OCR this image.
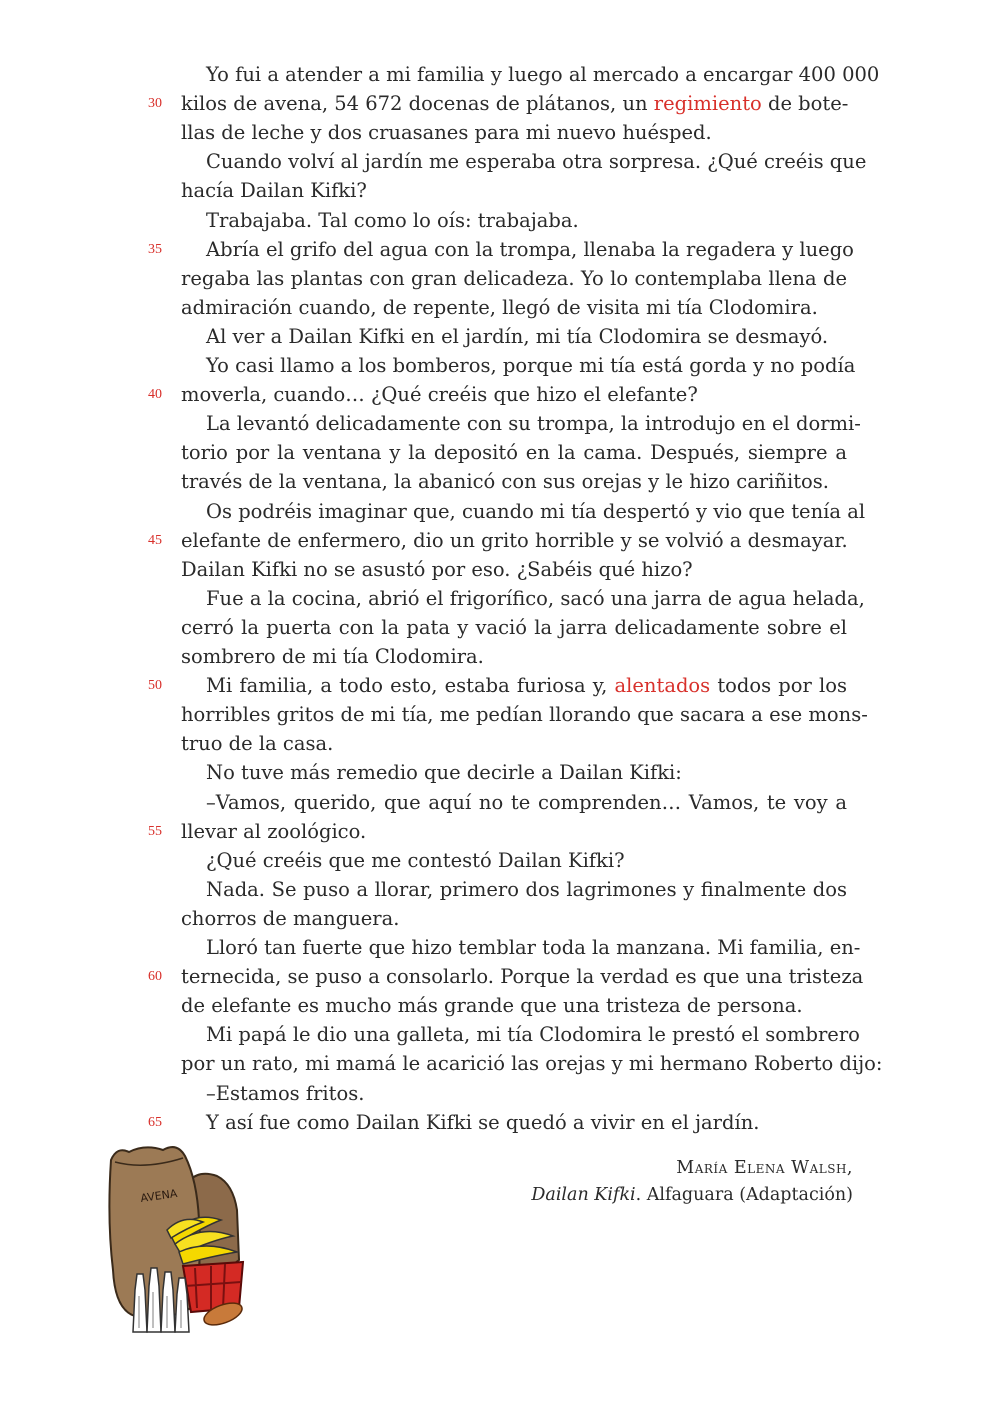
Yo fui a atender a mi familia y luego al mercado a encargar 400 000
kilos de avena, 54 672 docenas de plátanos, un regimiento de bote-
30
llas de leche y dos cruasanes para mi nuevo huésped.
Cuando volví al jardín me esperaba otra sorpresa. ¿Qué creéis que
hacía Dailan Kifki?
Trabajaba. Tal como lo oís: trabajaba.
Abría el grifo del agua con la trompa, llenaba la regadera y luego
35
regaba las plantas con gran delicadeza. Yo lo contemplaba llena de
admiración cuando, de repente, llegó de visita mi tía Clodomira.
Al ver a Dailan Kifki en el jardín, mi tía Clodomira se desmayó.
Yo casi llamo a los bomberos, porque mi tía está gorda y no podía
moverla, cuando… ¿Qué creéis que hizo el elefante?
40
La levantó delicadamente con su trompa, la introdujo en el dormi-
torio por la ventana y la depositó en la cama. Después, siempre a
través de la ventana, la abanicó con sus orejas y le hizo cariñitos.
Os podréis imaginar que, cuando mi tía despertó y vio que tenía al
elefante de enfermero, dio un grito horrible y se volvió a desmayar.
45
Dailan Kifki no se asustó por eso. ¿Sabéis qué hizo?
Fue a la cocina, abrió el frigorífico, sacó una jarra de agua helada,
cerró la puerta con la pata y vació la jarra delicadamente sobre el
sombrero de mi tía Clodomira.
Mi familia, a todo esto, estaba furiosa y, alentados todos por los
50
horribles gritos de mi tía, me pedían llorando que sacara a ese mons-
truo de la casa.
No tuve más remedio que decirle a Dailan Kifki:
–Vamos, querido, que aquí no te comprenden… Vamos, te voy a
llevar al zoológico.
55
¿Qué creéis que me contestó Dailan Kifki?
Nada. Se puso a llorar, primero dos lagrimones y finalmente dos
chorros de manguera.
Lloró tan fuerte que hizo temblar toda la manzana. Mi familia, en-
ternecida, se puso a consolarlo. Porque la verdad es que una tristeza
60
de elefante es mucho más grande que una tristeza de persona.
Mi papá le dio una galleta, mi tía Clodomira le prestó el sombrero
por un rato, mi mamá le acarició las orejas y mi hermano Roberto dijo:
–Estamos fritos.
Y así fue como Dailan Kifki se quedó a vivir en el jardín.
65
María Elena Walsh,
Dailan Kifki. Alfaguara (Adaptación)
AVENA
